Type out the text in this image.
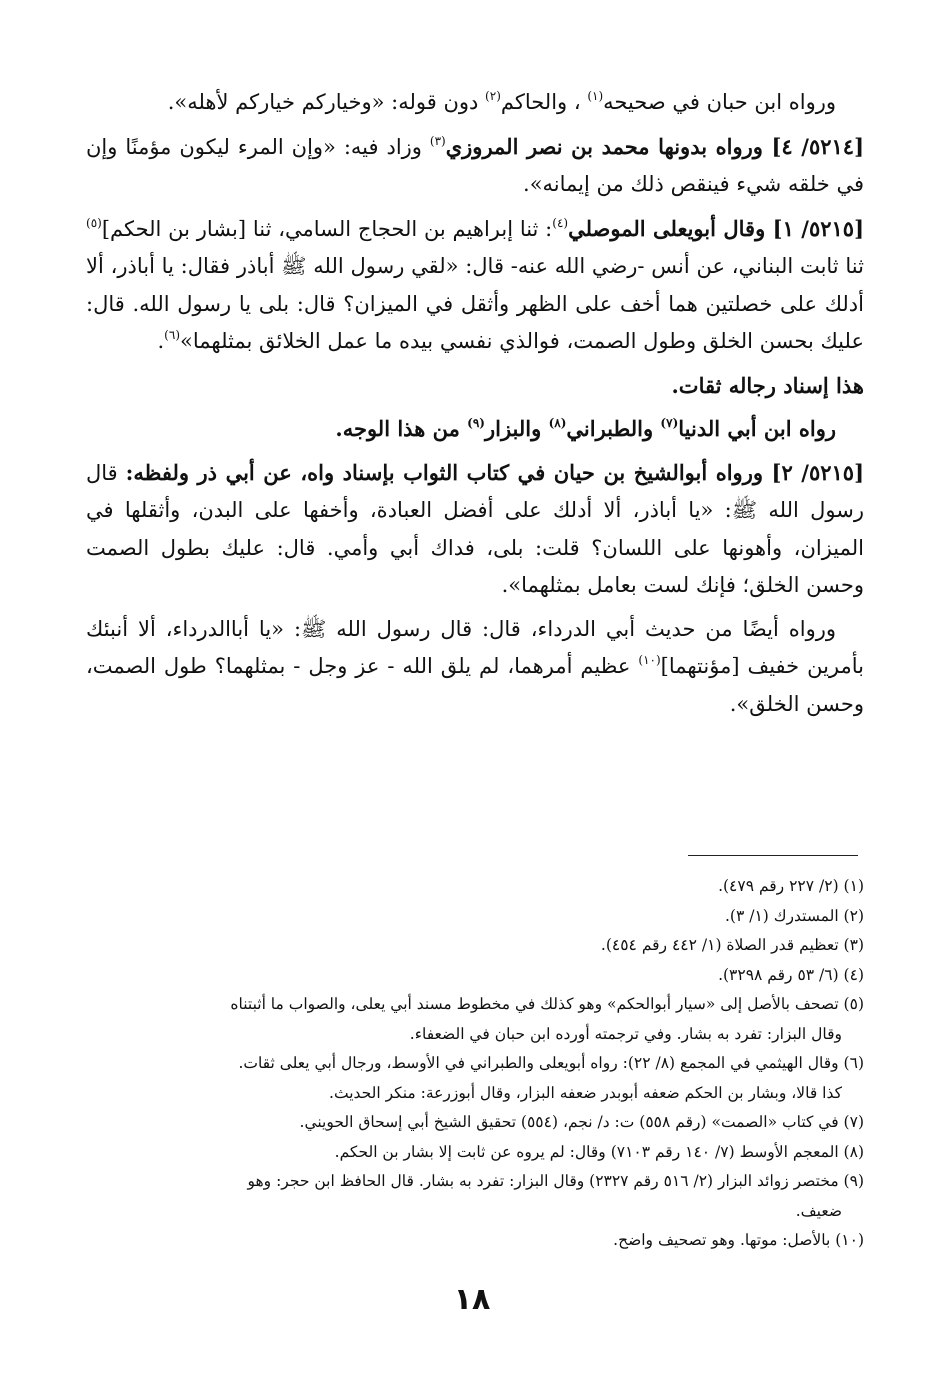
ورواه ابن حبان في صحيحه$^{(١)}$ ، والحاكم$^{(٢)}$ دون قوله: «وخياركم خياركم لأهله».

[٥٢١٤/ ٤] ورواه بدونها محمد بن نصر المروزي$^{(٣)}$ وزاد فيه: «وإن المرء ليكون مؤمنًا وإن في خلقه شيء فينقص ذلك من إيمانه».

[٥٢١٥/ ١] وقال أبويعلى الموصلي$^{(٤)}$: ثنا إبراهيم بن الحجاج السامي، ثنا [بشار بن الحكم]$^{(٥)}$ ثنا ثابت البناني، عن أنس -رضي الله عنه- قال: «لقي رسول الله ﷺ أباذر فقال: يا أباذر، ألا أدلك على خصلتين هما أخف على الظهر وأثقل في الميزان؟ قال: بلى يا رسول الله. قال: عليك بحسن الخلق وطول الصمت، فوالذي نفسي بيده ما عمل الخلائق بمثلهما»$^{(٦)}$.

هذا إسناد رجاله ثقات.

رواه ابن أبي الدنيا$^{(٧)}$ والطبراني$^{(٨)}$ والبزار$^{(٩)}$ من هذا الوجه.

[٥٢١٥/ ٢] ورواه أبوالشيخ بن حيان في كتاب الثواب بإسناد واه، عن أبي ذر ولفظه: قال رسول الله ﷺ: «يا أباذر، ألا أدلك على أفضل العبادة، وأخفها على البدن، وأثقلها في الميزان، وأهونها على اللسان؟ قلت: بلى، فداك أبي وأمي. قال: عليك بطول الصمت وحسن الخلق؛ فإنك لست بعامل بمثلهما».

ورواه أيضًا من حديث أبي الدرداء، قال: قال رسول الله ﷺ: «يا أباالدرداء، ألا أنبئك بأمرين خفيف [مؤنتهما]$^{(١٠)}$ عظيم أمرهما، لم يلق الله - عز وجل - بمثلهما؟ طول الصمت، وحسن الخلق».

(١) (٢/ ٢٢٧ رقم ٤٧٩).

(٢) المستدرك (١/ ٣).

(٣) تعظيم قدر الصلاة (١/ ٤٤٢ رقم ٤٥٤).

(٤) (٦/ ٥٣ رقم ٣٢٩٨).

(٥) تصحف بالأصل إلى «سيار أبوالحكم» وهو كذلك في مخطوط مسند أبي يعلى، والصواب ما أثبتناه

وقال البزار: تفرد به بشار. وفي ترجمته أورده ابن حبان في الضعفاء.

(٦) وقال الهيثمي في المجمع (٨/ ٢٢): رواه أبويعلى والطبراني في الأوسط، ورجال أبي يعلى ثقات.

كذا قالا، وبشار بن الحكم ضعفه أبوبدر ضعفه البزار، وقال أبوزرعة: منكر الحديث.

(٧) في كتاب «الصمت» (رقم ٥٥٨) ت: د/ نجم، (٥٥٤) تحقيق الشيخ أبي إسحاق الحويني.

(٨) المعجم الأوسط (٧/ ١٤٠ رقم ٧١٠٣) وقال: لم يروه عن ثابت إلا بشار بن الحكم.

(٩) مختصر زوائد البزار (٢/ ٥١٦ رقم ٢٣٢٧) وقال البزار: تفرد به بشار. قال الحافظ ابن حجر: وهو

ضعيف.

(١٠) بالأصل: موتها. وهو تصحيف واضح.

١٨
